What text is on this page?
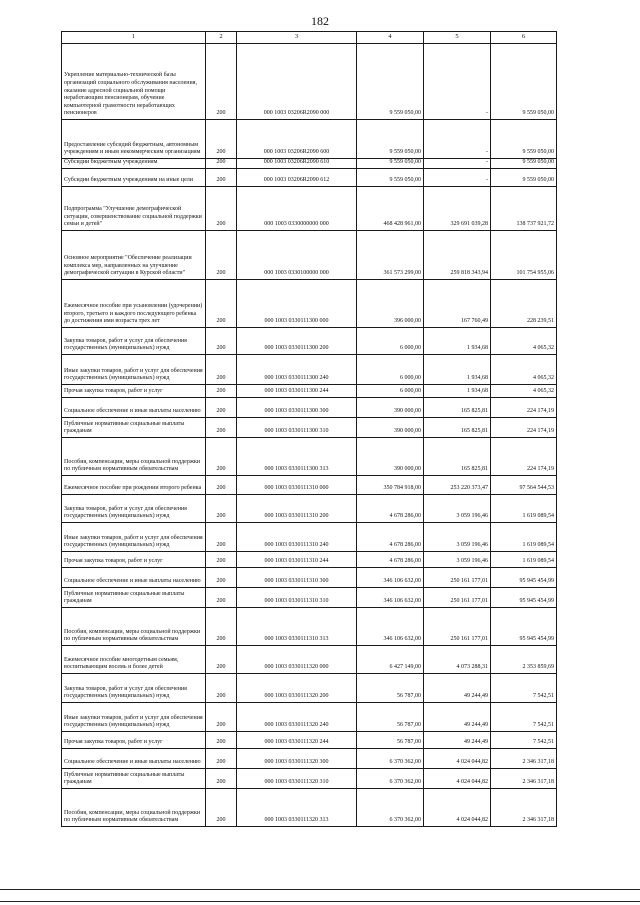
182
1	2	3	4	5	6
Укрепление материально-технической базы организаций социального обслуживания населения, оказание адресной социальной помощи неработающим пенсионерам, обучение компьютерной грамотности неработающих пенсионеров	200	000 1003 03206R2090 000	9 559 050,00	-	9 559 050,00
Предоставление субсидий бюджетным, автономным учреждениям и иным некоммерческим организациям	200	000 1003 03206R2090 600	9 559 050,00	-	9 559 050,00
Субсидии бюджетным учреждениям	200	000 1003 03206R2090 610	9 559 050,00	-	9 559 050,00
Субсидии бюджетным учреждениям на иные цели	200	000 1003 03206R2090 612	9 559 050,00	-	9 559 050,00
Подпрограмма "Улучшение демографической ситуации, совершенствование социальной поддержки семьи и детей"	200	000 1003 0330000000 000	468 428 961,00	329 691 039,28	138 737 921,72
Основное мероприятие "Обеспечение реализации комплекса мер, направленных на улучшение демографической ситуации в Курской области"	200	000 1003 0330100000 000	361 573 299,00	259 818 343,94	101 754 955,06
Ежемесячное пособие при усыновлении (удочерении) второго, третьего и каждого последующего ребенка до достижения ими возраста трех лет	200	000 1003 0330111300 000	396 000,00	167 760,49	228 239,51
Закупка товаров, работ и услуг для обеспечения государственных (муниципальных) нужд	200	000 1003 0330111300 200	6 000,00	1 934,68	4 065,32
Иные закупки товаров, работ и услуг для обеспечения государственных (муниципальных) нужд	200	000 1003 0330111300 240	6 000,00	1 934,68	4 065,32
Прочая закупка товаров, работ и услуг	200	000 1003 0330111300 244	6 000,00	1 934,68	4 065,32
Социальное обеспечение и иные выплаты населению	200	000 1003 0330111300 300	390 000,00	165 825,81	224 174,19
Публичные нормативные социальные выплаты гражданам	200	000 1003 0330111300 310	390 000,00	165 825,81	224 174,19
Пособия, компенсации, меры социальной поддержки по публичным нормативным обязательствам	200	000 1003 0330111300 313	390 000,00	165 825,81	224 174,19
Ежемесячное пособие при рождении второго ребенка	200	000 1003 0330111310 000	350 784 918,00	253 220 373,47	97 564 544,53
Закупка товаров, работ и услуг для обеспечения государственных (муниципальных) нужд	200	000 1003 0330111310 200	4 678 286,00	3 059 196,46	1 619 089,54
Иные закупки товаров, работ и услуг для обеспечения государственных (муниципальных) нужд	200	000 1003 0330111310 240	4 678 286,00	3 059 196,46	1 619 089,54
Прочая закупка товаров, работ и услуг	200	000 1003 0330111310 244	4 678 286,00	3 059 196,46	1 619 089,54
Социальное обеспечение и иные выплаты населению	200	000 1003 0330111310 300	346 106 632,00	250 161 177,01	95 945 454,99
Публичные нормативные социальные выплаты гражданам	200	000 1003 0330111310 310	346 106 632,00	250 161 177,01	95 945 454,99
Пособия, компенсации, меры социальной поддержки по публичным нормативным обязательствам	200	000 1003 0330111310 313	346 106 632,00	250 161 177,01	95 945 454,99
Ежемесячное пособие многодетным семьям, воспитывающим восемь и более детей	200	000 1003 0330111320 000	6 427 149,00	4 073 288,31	2 353 859,69
Закупка товаров, работ и услуг для обеспечения государственных (муниципальных) нужд	200	000 1003 0330111320 200	56 787,00	49 244,49	7 542,51
Иные закупки товаров, работ и услуг для обеспечения государственных (муниципальных) нужд	200	000 1003 0330111320 240	56 787,00	49 244,49	7 542,51
Прочая закупка товаров, работ и услуг	200	000 1003 0330111320 244	56 787,00	49 244,49	7 542,51
Социальное обеспечение и иные выплаты населению	200	000 1003 0330111320 300	6 370 362,00	4 024 044,82	2 346 317,18
Публичные нормативные социальные выплаты гражданам	200	000 1003 0330111320 310	6 370 362,00	4 024 044,82	2 346 317,18
Пособия, компенсации, меры социальной поддержки по публичным нормативным обязательствам	200	000 1003 0330111320 313	6 370 362,00	4 024 044,82	2 346 317,18
